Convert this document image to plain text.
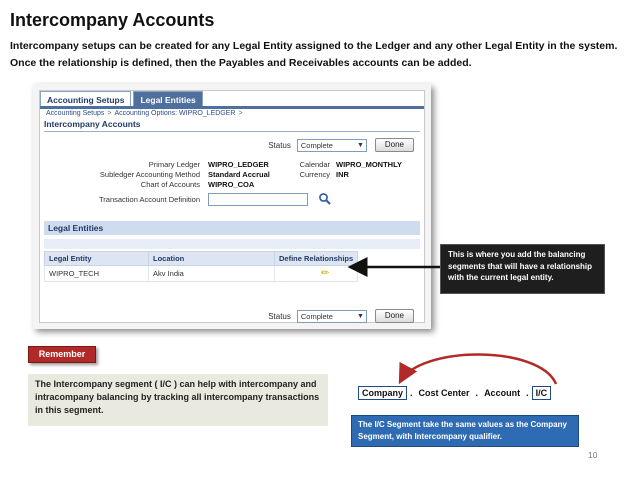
Intercompany Accounts
Intercompany setups can be created for any Legal Entity assigned to the Ledger and any other Legal Entity in the system. Once the relationship is defined, then the Payables and Receivables accounts can be added.
Accounting Setups	Legal Entities
Accounting Setups > Accounting Options: WIPRO_LEDGER >
Intercompany Accounts
Status	Complete	▼	Done
Primary Ledger WIPRO_LEDGER
Subledger Accounting Method Standard Accrual
Chart of Accounts WIPRO_COA
Transaction Account Definition
Calendar WIPRO_MONTHLY
Currency INR
Legal Entities
Legal Entity	Location	Define Relationships
WIPRO_TECH	Akv India	✏
Status	Complete	▼	Done
This is where you add the balancing segments that will have a relationship with the current legal entity.
Remember
The Intercompany segment ( I/C ) can help with intercompany and intracompany balancing by tracking all intercompany transactions in this segment.
Company . Cost Center . Account . I/C
The I/C Segment take the same values as the Company Segment, with Intercompany qualifier.
10
